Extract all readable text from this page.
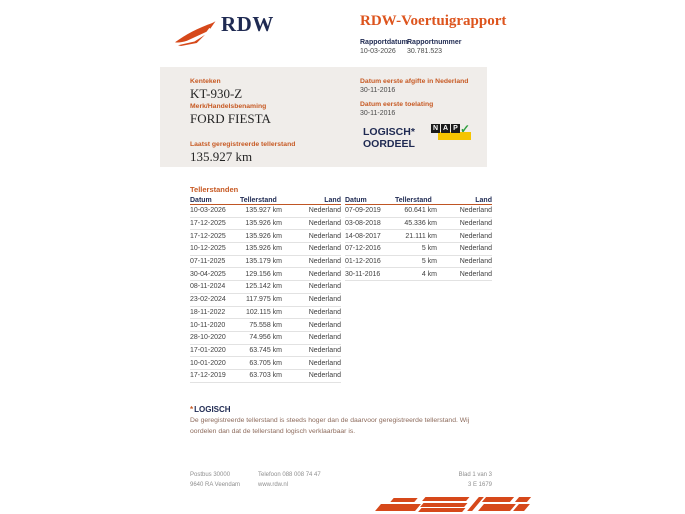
RDW	RDW-Voertuigrapport
Rapportdatum
10-03-2026
Rapportnummer
30.781.523
Kenteken
KT-930-Z
Merk/Handelsbenaming
FORD FIESTA
Laatst geregistreerde tellerstand
135.927 km
Datum eerste afgifte in Nederland
30-11-2016
Datum eerste toelating
30-11-2016
LOGISCH*
OORDEEL
N A P ✓
Tellerstanden
Datum	Tellerstand	Land
10-03-2026	135.927 km	Nederland
17-12-2025	135.926 km	Nederland
17-12-2025	135.926 km	Nederland
10-12-2025	135.926 km	Nederland
07-11-2025	135.179 km	Nederland
30-04-2025	129.156 km	Nederland
08-11-2024	125.142 km	Nederland
23-02-2024	117.975 km	Nederland
18-11-2022	102.115 km	Nederland
10-11-2020	75.558 km	Nederland
28-10-2020	74.956 km	Nederland
17-01-2020	63.745 km	Nederland
10-01-2020	63.705 km	Nederland
17-12-2019	63.703 km	Nederland
Datum	Tellerstand	Land
07-09-2019	60.641 km	Nederland
03-08-2018	45.336 km	Nederland
14-08-2017	21.111 km	Nederland
07-12-2016	5 km	Nederland
01-12-2016	5 km	Nederland
30-11-2016	4 km	Nederland
*LOGISCH
De geregistreerde tellerstand is steeds hoger dan de daarvoor geregistreerde tellerstand. Wij oordelen dan dat de tellerstand logisch verklaarbaar is.
Postbus 30000
9640 RA Veendam
Telefoon 088 008 74 47
www.rdw.nl
Blad 1 van 3
3 E 1679
